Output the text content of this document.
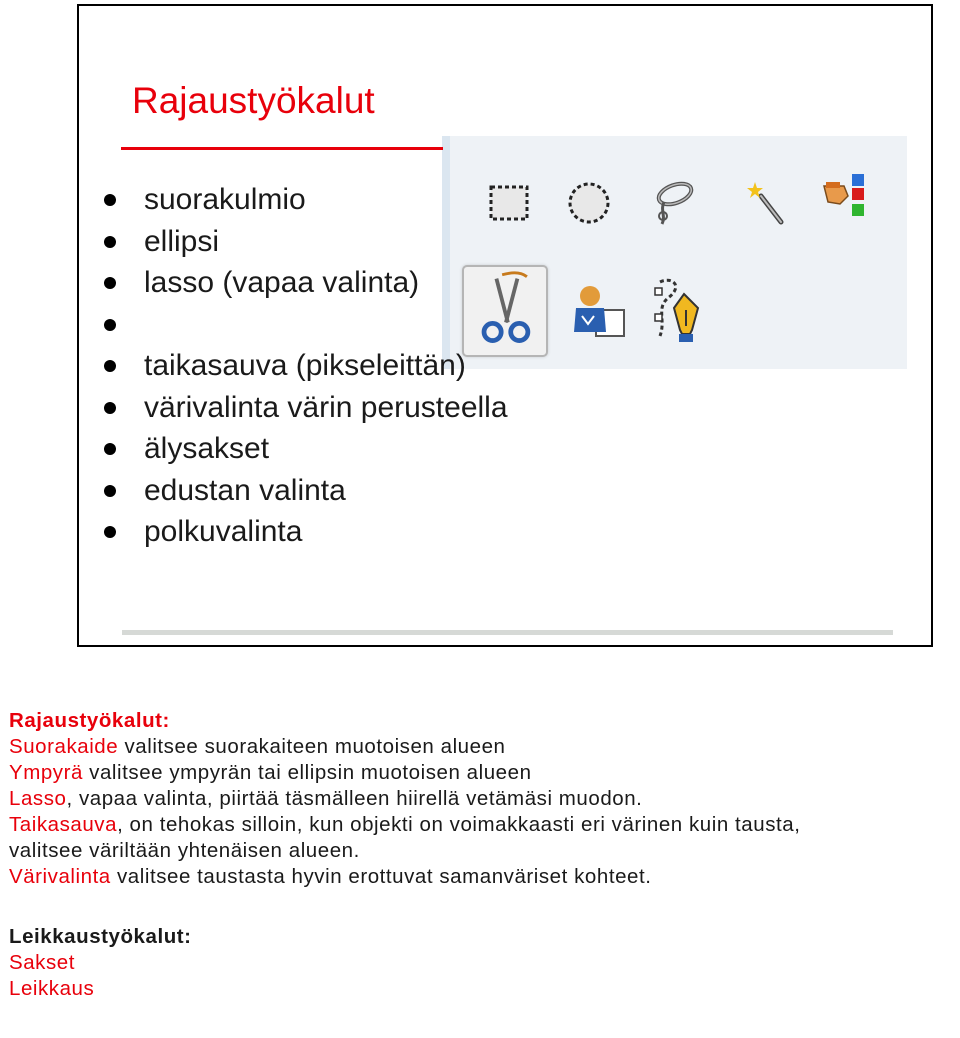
Rajaustyökalut
suorakulmio
ellipsi
lasso (vapaa valinta)
taikasauva (pikseleittän)
värivalinta värin perusteella
älysakset
edustan valinta
polkuvalinta
Rajaustyökalut:
Suorakaide valitsee suorakaiteen muotoisen alueen
Ympyrä valitsee ympyrän tai ellipsin muotoisen alueen
Lasso, vapaa valinta, piirtää täsmälleen hiirellä vetämäsi muodon.
Taikasauva, on tehokas silloin, kun objekti on voimakkaasti eri värinen kuin tausta,
valitsee väriltään yhtenäisen alueen.
Värivalinta valitsee taustasta hyvin erottuvat samanväriset kohteet.
Leikkaustyökalut:
Sakset
Leikkaus
